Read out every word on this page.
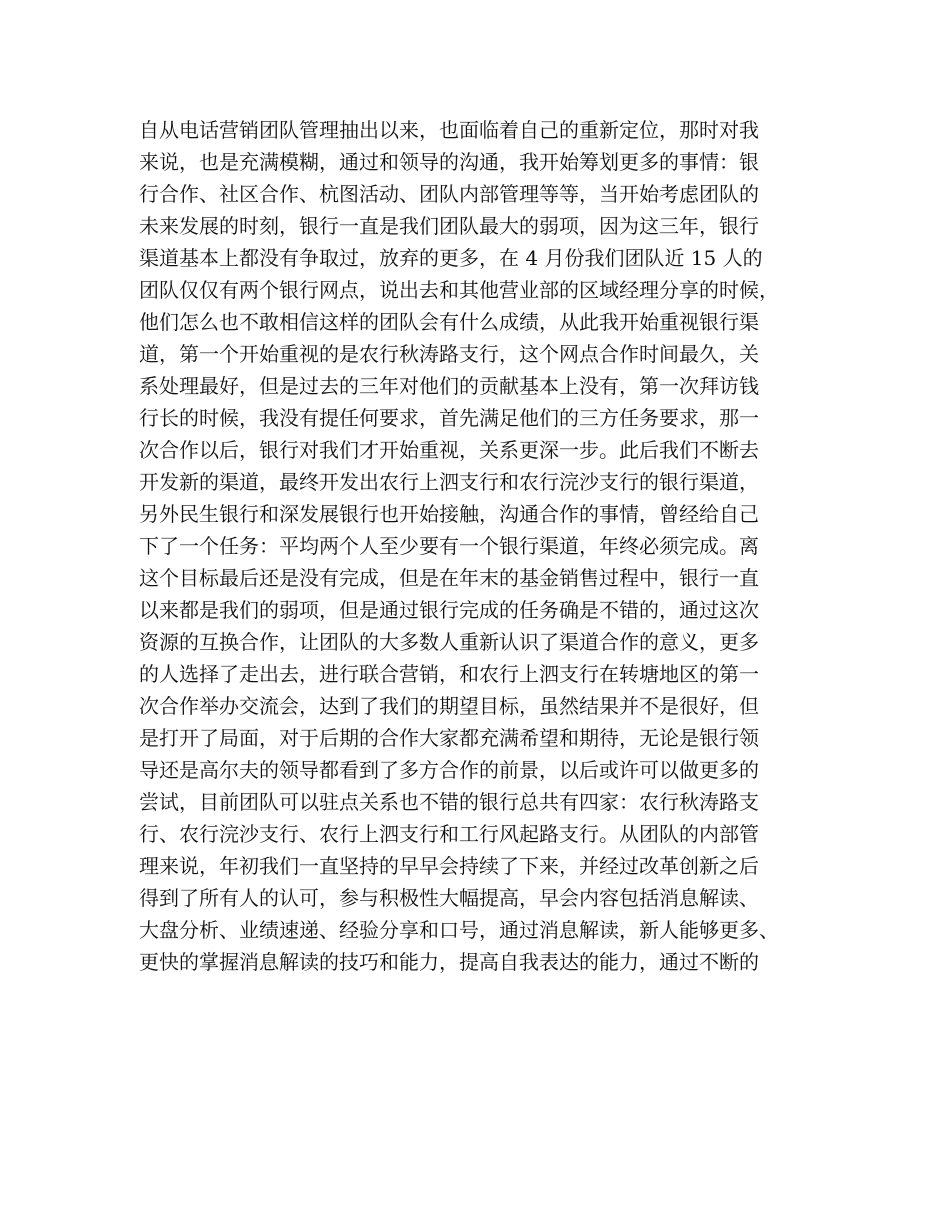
自从电话营销团队管理抽出以来，也面临着自己的重新定位，那时对我
来说，也是充满模糊，通过和领导的沟通，我开始筹划更多的事情：银
行合作、社区合作、杭图活动、团队内部管理等等，当开始考虑团队的
未来发展的时刻，银行一直是我们团队最大的弱项，因为这三年，银行
渠道基本上都没有争取过，放弃的更多，在 4 月份我们团队近 15 人的
团队仅仅有两个银行网点，说出去和其他营业部的区域经理分享的时候，
他们怎么也不敢相信这样的团队会有什么成绩，从此我开始重视银行渠
道，第一个开始重视的是农行秋涛路支行，这个网点合作时间最久，关
系处理最好，但是过去的三年对他们的贡献基本上没有，第一次拜访钱
行长的时候，我没有提任何要求，首先满足他们的三方任务要求，那一
次合作以后，银行对我们才开始重视，关系更深一步。此后我们不断去
开发新的渠道，最终开发出农行上泗支行和农行浣沙支行的银行渠道，
另外民生银行和深发展银行也开始接触，沟通合作的事情，曾经给自己
下了一个任务：平均两个人至少要有一个银行渠道，年终必须完成。离
这个目标最后还是没有完成，但是在年末的基金销售过程中，银行一直
以来都是我们的弱项，但是通过银行完成的任务确是不错的，通过这次
资源的互换合作，让团队的大多数人重新认识了渠道合作的意义，更多
的人选择了走出去，进行联合营销，和农行上泗支行在转塘地区的第一
次合作举办交流会，达到了我们的期望目标，虽然结果并不是很好，但
是打开了局面，对于后期的合作大家都充满希望和期待，无论是银行领
导还是高尔夫的领导都看到了多方合作的前景，以后或许可以做更多的
尝试，目前团队可以驻点关系也不错的银行总共有四家：农行秋涛路支
行、农行浣沙支行、农行上泗支行和工行风起路支行。从团队的内部管
理来说，年初我们一直坚持的早早会持续了下来，并经过改革创新之后
得到了所有人的认可，参与积极性大幅提高，早会内容包括消息解读、
大盘分析、业绩速递、经验分享和口号，通过消息解读，新人能够更多、
更快的掌握消息解读的技巧和能力，提高自我表达的能力，通过不断的
